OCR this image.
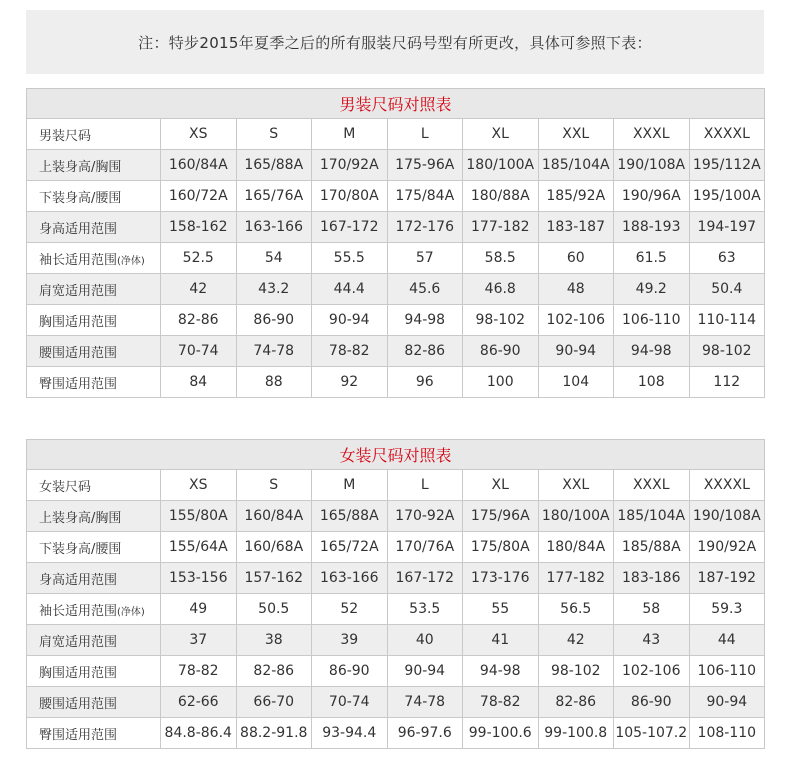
注：特步2015年夏季之后的所有服装尺码号型有所更改，具体可参照下表：
男装尺码对照表								
男装尺码	XS	S	M	L	XL	XXL	XXXL	XXXXL
上装身高/胸围	160/84A	165/88A	170/92A	175-96A	180/100A	185/104A	190/108A	195/112A
下装身高/腰围	160/72A	165/76A	170/80A	175/84A	180/88A	185/92A	190/96A	195/100A
身高适用范围	158-162	163-166	167-172	172-176	177-182	183-187	188-193	194-197
袖长适用范围(净体)	52.5	54	55.5	57	58.5	60	61.5	63
肩宽适用范围	42	43.2	44.4	45.6	46.8	48	49.2	50.4
胸围适用范围	82-86	86-90	90-94	94-98	98-102	102-106	106-110	110-114
腰围适用范围	70-74	74-78	78-82	82-86	86-90	90-94	94-98	98-102
臀围适用范围	84	88	92	96	100	104	108	112
女装尺码对照表								
女装尺码	XS	S	M	L	XL	XXL	XXXL	XXXXL
上装身高/胸围	155/80A	160/84A	165/88A	170-92A	175/96A	180/100A	185/104A	190/108A
下装身高/腰围	155/64A	160/68A	165/72A	170/76A	175/80A	180/84A	185/88A	190/92A
身高适用范围	153-156	157-162	163-166	167-172	173-176	177-182	183-186	187-192
袖长适用范围(净体)	49	50.5	52	53.5	55	56.5	58	59.3
肩宽适用范围	37	38	39	40	41	42	43	44
胸围适用范围	78-82	82-86	86-90	90-94	94-98	98-102	102-106	106-110
腰围适用范围	62-66	66-70	70-74	74-78	78-82	82-86	86-90	90-94
臀围适用范围	84.8-86.4	88.2-91.8	93-94.4	96-97.6	99-100.6	99-100.8	105-107.2	108-110
